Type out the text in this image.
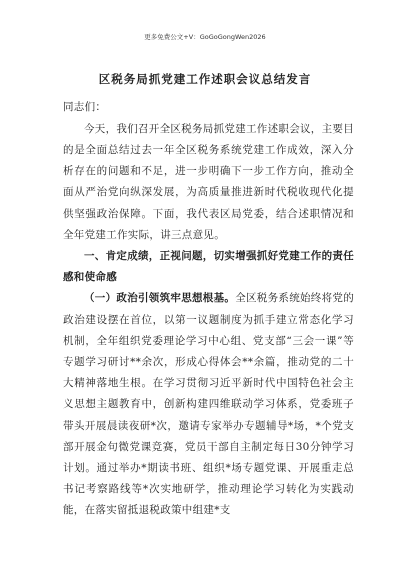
更多免费公文+V：GoGoGongWen2026
区税务局抓党建工作述职会议总结发言

同志们：

今天，我们召开全区税务局抓党建工作述职会议，主要目的是全面总结过去一年全区税务系统党建工作成效，深入分析存在的问题和不足，进一步明确下一步工作方向，推动全面从严治党向纵深发展，为高质量推进新时代税收现代化提供坚强政治保障。下面，我代表区局党委，结合述职情况和全年党建工作实际，讲三点意见。

一、肯定成绩，正视问题，切实增强抓好党建工作的责任感和使命感

（一）政治引领筑牢思想根基。全区税务系统始终将党的政治建设摆在首位，以第一议题制度为抓手建立常态化学习机制，全年组织党委理论学习中心组、党支部“三会一课”等专题学习研讨**余次，形成心得体会**余篇，推动党的二十大精神落地生根。在学习贯彻习近平新时代中国特色社会主义思想主题教育中，创新构建四维联动学习体系，党委班子带头开展晨读夜研*次，邀请专家举办专题辅导*场，*个党支部开展金句微党课竞赛，党员干部自主制定每日30分钟学习计划。通过举办*期读书班、组织*场专题党课、开展重走总书记考察路线等*次实地研学，推动理论学习转化为实践动能，在落实留抵退税政策中组建*支
